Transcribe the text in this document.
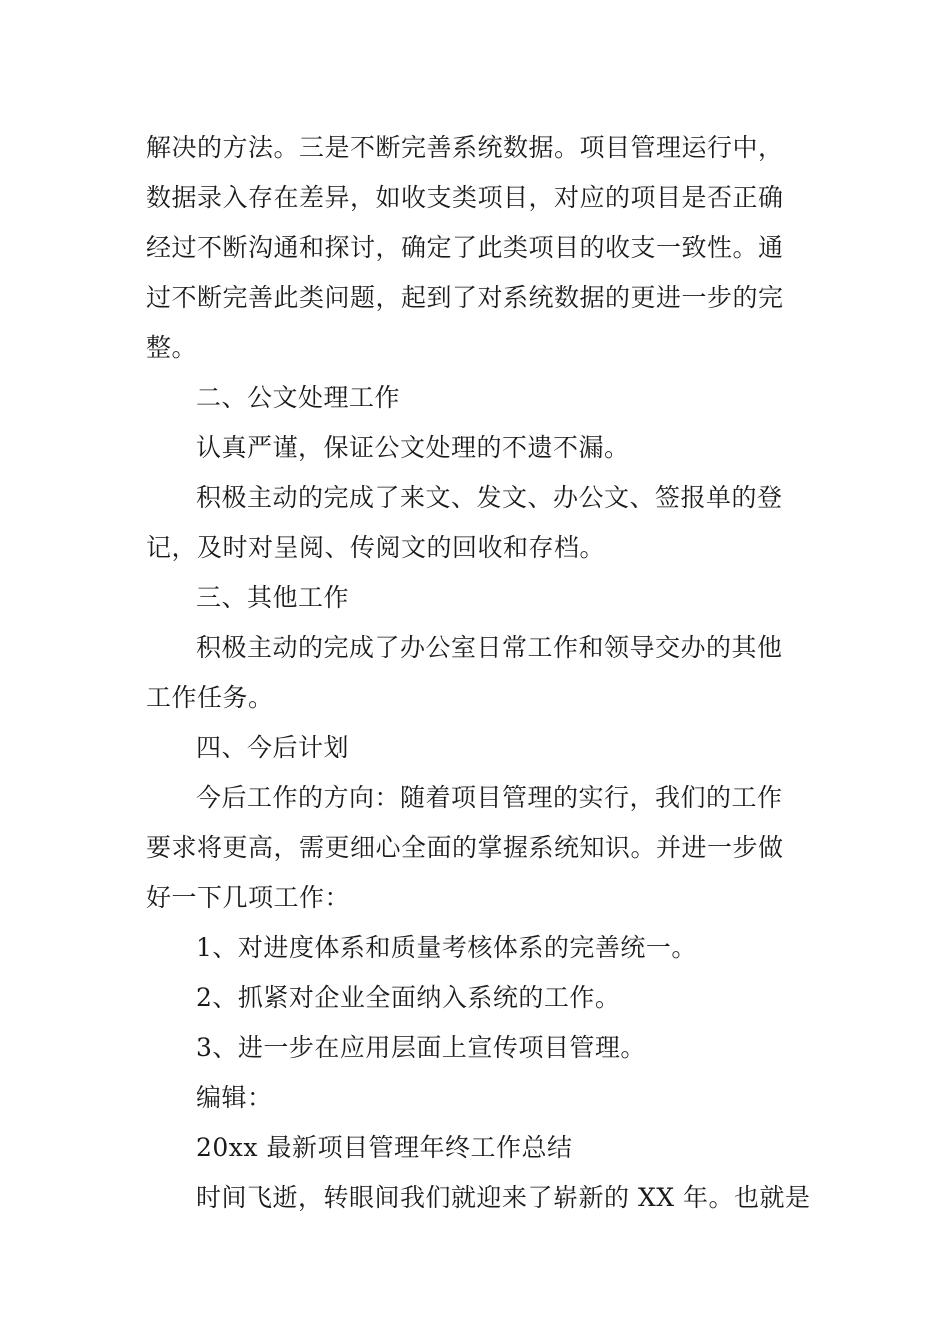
解决的方法。三是不断完善系统数据。项目管理运行中，
数据录入存在差异，如收支类项目，对应的项目是否正确
经过不断沟通和探讨，确定了此类项目的收支一致性。通
过不断完善此类问题，起到了对系统数据的更进一步的完
整。
二、公文处理工作
认真严谨，保证公文处理的不遗不漏。
积极主动的完成了来文、发文、办公文、签报单的登
记，及时对呈阅、传阅文的回收和存档。
三、其他工作
积极主动的完成了办公室日常工作和领导交办的其他
工作任务。
四、今后计划
今后工作的方向：随着项目管理的实行，我们的工作
要求将更高，需更细心全面的掌握系统知识。并进一步做
好一下几项工作：
1、对进度体系和质量考核体系的完善统一。
2、抓紧对企业全面纳入系统的工作。
3、进一步在应用层面上宣传项目管理。
编辑：
20xx 最新项目管理年终工作总结
时间飞逝，转眼间我们就迎来了崭新的 XX 年。也就是
